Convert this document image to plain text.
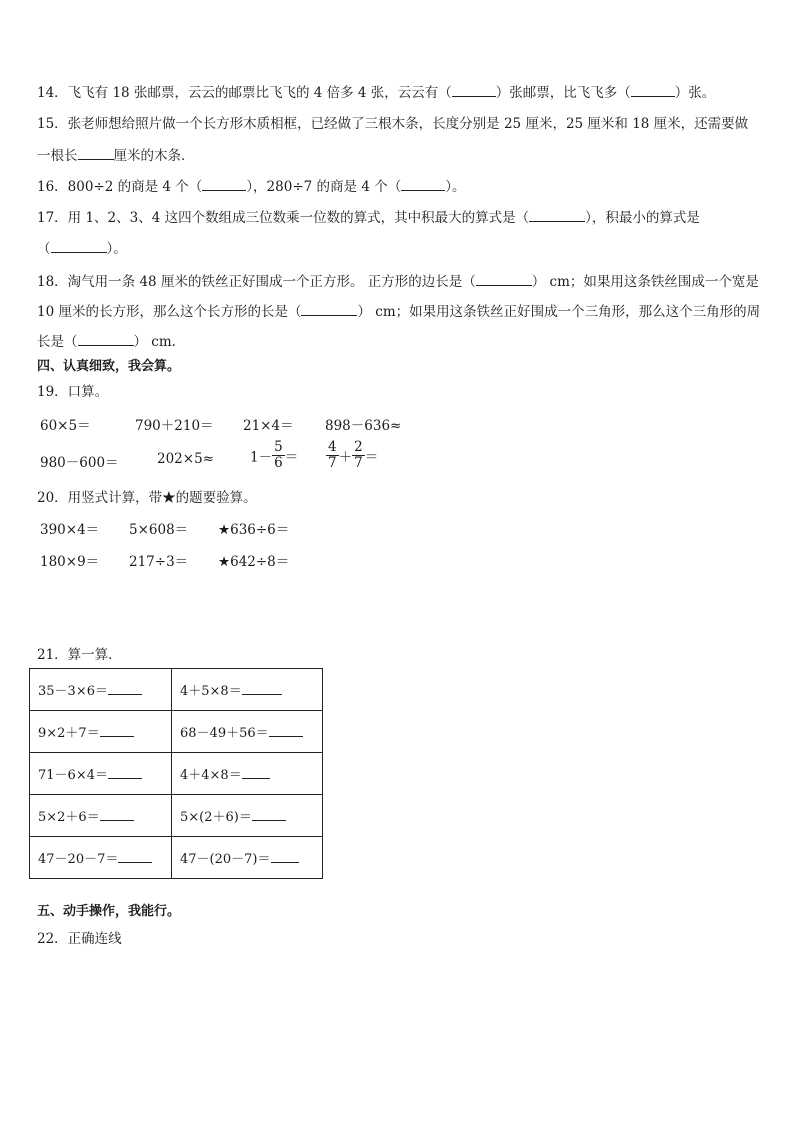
14．飞飞有 18 张邮票，云云的邮票比飞飞的 4 倍多 4 张，云云有（	）张邮票，比飞飞多（	）张。
15．张老师想给照片做一个长方形木质相框，已经做了三根木条，长度分别是 25 厘米，25 厘米和 18 厘米，还需要做
一根长	厘米的木条．
16．800÷2 的商是 4 个（	），280÷7 的商是 4 个（	）。
17．用 1、2、3、4 这四个数组成三位数乘一位数的算式，其中积最大的算式是（	），积最小的算式是
（	）。
18．淘气用一条 48 厘米的铁丝正好围成一个正方形。 正方形的边长是（	） cm；如果用这条铁丝围成一个宽是
10 厘米的长方形，那么这个长方形的长是（	） cm；如果用这条铁丝正好围成一个三角形，那么这个三角形的周
长是（	） cm.
四、认真细致，我会算。
19．口算。
60×5＝	790＋210＝ 21×4＝ 898－636≈
980－600＝	202×5≈	$1- \frac{5}{6} = \frac{4}{7} + \frac{2}{7}$ ＝
20．用竖式计算，带★的题要验算。
390×4＝ 5×608＝ ★636÷6＝
180×9＝ 217÷3＝ ★642÷8＝
21．算一算．
35－3×6＝	4＋5×8＝
9×2＋7＝	68－49＋56＝
71－6×4＝	4＋4×8＝
5×2＋6＝	5×(2＋6)＝
47－20－7＝	47－(20－7)＝
五、动手操作，我能行。
22．正确连线
